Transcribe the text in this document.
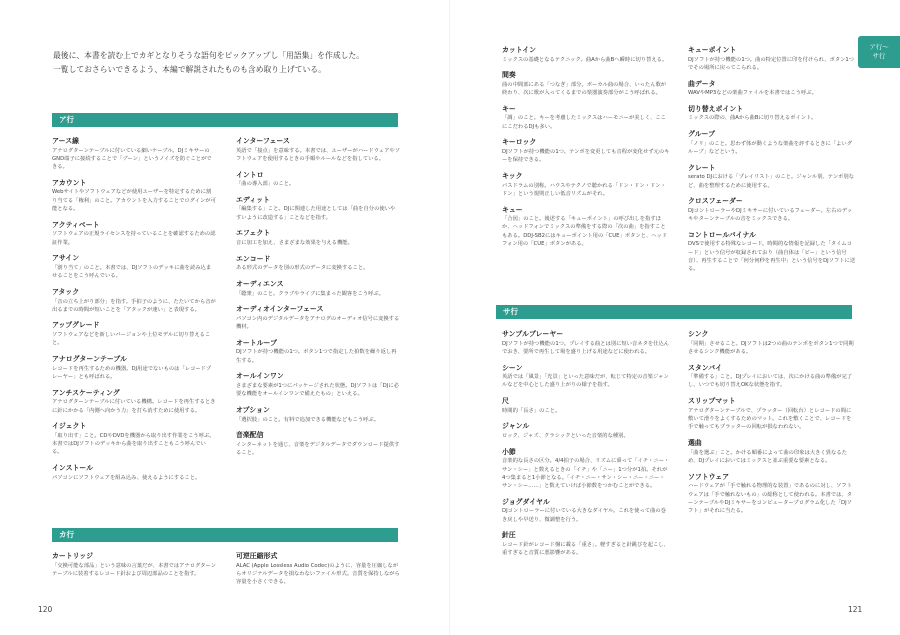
最後に、本書を読む上でカギとなりそうな語句をピックアップし「用語集」を作成した。
一覧しておさらいできるよう、本編で解説されたものも含め取り上げている。
ア行
アース線
アナログターンテーブルに付いている細いケーブル。DJミキサーのGND端子に接続することで「ブーン」というノイズを防ぐことができる。
アカウント
Webサイトやソフトウェアなどが使用ユーザーを特定するために割り当てる「権利」のこと。アカウントを入力することでログインが可能となる。
アクティベート
ソフトウェアの正規ライセンスを持っていることを確認するための認証作業。
アサイン
「割り当て」のこと。本書では、DJソフトのデッキに曲を読み込ませることをこう呼んでいる。
アタック
「音の立ち上がり部分」を指す。手拍子のように、たたいてから音が出るまでの時間が短いことを「アタックが速い」と表現する。
アップグレード
ソフトウェアなどを新しいバージョンや上位モデルに切り替えること。
アナログターンテーブル
レコードを再生するための機器。DJ用途でないものは「レコードプレーヤー」とも呼ばれる。
アンチスケーティング
アナログターンテーブルに付いている機構。レコードを再生するときに針にかかる「内側へ向かう力」を打ち消すために使用する。
イジェクト
「取り出す」こと。CDやDVDを機器から取り出す作業をこう呼ぶ。本書ではDJソフトのデッキから曲を取り出すこともこう呼んでいる。
インストール
パソコンにソフトウェアを組み込み、使えるようにすること。
インターフェース
英語で「接点」を意味する。本書では、ユーザーがハードウェアやソフトウェアを使用するときの手順やルールなどを指している。
イントロ
「曲の導入部」のこと。
エディット
「編集する」こと。DJに関連した用途としては「曲を自分の使いやすいように改造する」ことなどを指す。
エフェクト
音に加工を加え、さまざまな効果を与える機能。
エンコード
ある形式のデータを別の形式のデータに変換すること。
オーディエンス
「聴衆」のこと。クラブやライブに集まった観客をこう呼ぶ。
オーディオインターフェース
パソコン内のデジタルデータをアナログのオーディオ信号に変換する機材。
オートループ
DJソフトが持つ機能の1つ。ボタン1つで指定した拍数を繰り返し再生する。
オールインワン
さまざまな要素が1つにパッケージされた状態。DJソフトは「DJに必要な機能をオールインワンで備えたもの」といえる。
オプション
「選択肢」のこと。有料で追加できる機能などもこう呼ぶ。
音楽配信
インターネットを通じ、音楽をデジタルデータでダウンロード提供すること。
カ行
カートリッジ
「交換可能な部品」という意味の言葉だが、本書ではアナログターンテーブルに装着するレコード針および周辺部品のことを指す。
可逆圧縮形式
ALAC (Apple Lossless Audio Codec)のように、容量を圧縮しながらオリジナルデータを損なわないファイル形式。音質を保持しながら容量を小さくできる。
120
カットイン
ミックスの基礎となるテクニック。曲Aから曲Bへ瞬時に切り替える。
間奏
曲の中間部にある「つなぎ」部分。ボーカル曲の場合、いったん歌が終わり、次に歌が入ってくるまでの楽器演奏部分がこう呼ばれる。
キー
「調」のこと。キーを考慮したミックスはハーモニーが美しく、ここにこだわるDJも多い。
キーロック
DJソフトが持つ機能の1つ。テンポを変更しても音程が変化せず元のキーを保持できる。
キック
バスドラムの別称。ハウスやテクノで聴かれる「ドン・ドン・ドン・ドン」という規則正しい低音リズムがそれ。
キュー
「合図」のこと。後述する「キューポイント」の呼び出しを指すほか、ヘッドフォンでミックスの準備をする際の「次の曲」を指すこともある。DDJ-SB2にはキューポイント用の「CUE」ボタンと、ヘッドフォン用の「CUE」ボタンがある。
キューポイント
DJソフトが持つ機能の1つ。曲の特定位置に印を付けられ、ボタン1つでその場所に戻ってこられる。
曲データ
WAVやMP3などの楽曲ファイルを本書ではこう呼ぶ。
切り替えポイント
ミックスの際の、曲Aから曲Bに切り替えるポイント。
グルーブ
「ノリ」のこと。思わず体が動くような楽曲を評するときに「よいグルーブ」などという。
クレート
serato DJにおける「プレイリスト」のこと。ジャンル別、テンポ別など、曲を整理するために使用する。
クロスフェーダー
DJコントローラーやDJミキサーに付いているフェーダー。左右のデッキやターンテーブルの音をミックスできる。
コントロールバイナル
DVSで使用する特殊なレコード。時間的な情報を記録した「タイムコード」という信号が収録されており（曲自体は「ピー」という信号音）、再生することで「何分何秒を再生中」という信号をDJソフトに送る。
サ行
サンプルプレーヤー
DJソフトが持つ機能の1つ。プレイする曲とは別に短い音ネタを仕込んでおき、要所で再生して場を盛り上げる用途などに使われる。
シーン
英語では「風景」「光景」といった意味だが、転じて特定の音楽ジャンルなどを中心とした盛り上がりの様子を指す。
尺
時間的「長さ」のこと。
ジャンル
ロック、ジャズ、クラシックといった音楽的な種別。
小節
音楽的な長さの区分。4/4拍子の場合、リズムに乗って「イチ・ニー・サン・シー」と数えるときの「イチ」や「ニー」1つ分が1拍。それが4つ集まると1小節となる。「イチ・ニー・サン・シー・ニー・ニー・サン・シー……」と数えていけば小節数をつかむことができる。
ジョグダイヤル
DJコントローラーに付いている大きなダイヤル。これを使って曲の巻き戻しや早送り、微調整を行う。
針圧
レコード針がレコード盤に載る「重さ」。軽すぎると針跳びを起こし、重すぎると音質に悪影響がある。
シンク
「同期」させること。DJソフトは2つの曲のテンポをボタン1つで同期させるシンク機能がある。
スタンバイ
「準備する」こと。DJプレイにおいては、次にかける曲の準備が完了し、いつでも切り替えOKな状態を指す。
スリップマット
アナログターンテーブルで、プラッター（回転台）とレコードの間に敷いて滑りをよくするためのマット。これを敷くことで、レコードを手で触ってもプラッターの回転が損なわれない。
選曲
「曲を選ぶ」こと。かける順番によって曲の印象は大きく異なるため、DJプレイにおいてはミックスと並ぶ重要な要素となる。
ソフトウェア
ハードウェアが「手で触れる物理的な装置」であるのに対し、ソフトウェアは「手で触れないもの」の総称として使われる。本書では、ターンテーブルやDJミキサーをコンピュータープログラム化した「DJソフト」がそれに当たる。
121
ア行〜
サ行
